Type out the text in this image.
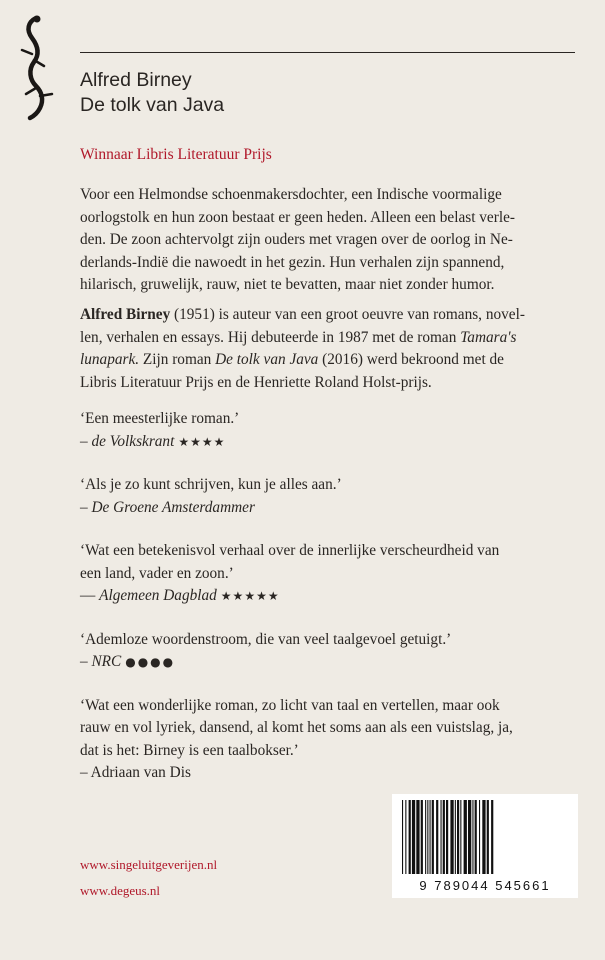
Alfred Birney
De tolk van Java
Winnaar Libris Literatuur Prijs
Voor een Helmondse schoenmakersdochter, een Indische voormalige
oorlogstolk en hun zoon bestaat er geen heden. Alleen een belast verle-
den. De zoon achtervolgt zijn ouders met vragen over de oorlog in Ne-
derlands-Indië die nawoedt in het gezin. Hun verhalen zijn spannend,
hilarisch, gruwelijk, rauw, niet te bevatten, maar niet zonder humor.
Alfred Birney (1951) is auteur van een groot oeuvre van romans, novel-
len, verhalen en essays. Hij debuteerde in 1987 met de roman Tamara's
lunapark. Zijn roman De tolk van Java (2016) werd bekroond met de
Libris Literatuur Prijs en de Henriette Roland Holst-prijs.
‘Een meesterlijke roman.’
– de Volkskrant ★★★★
‘Als je zo kunt schrijven, kun je alles aan.’
– De Groene Amsterdammer
‘Wat een betekenisvol verhaal over de innerlijke verscheurdheid van
een land, vader en zoon.’
— Algemeen Dagblad ★★★★★
‘Ademloze woordenstroom, die van veel taalgevoel getuigt.’
– NRC ●●●●
‘Wat een wonderlijke roman, zo licht van taal en vertellen, maar ook
rauw en vol lyriek, dansend, al komt het soms aan als een vuistslag, ja,
dat is het: Birney is een taalbokser.’
– Adriaan van Dis
www.singeluitgeverijen.nl
www.degeus.nl	9 789044 545661
